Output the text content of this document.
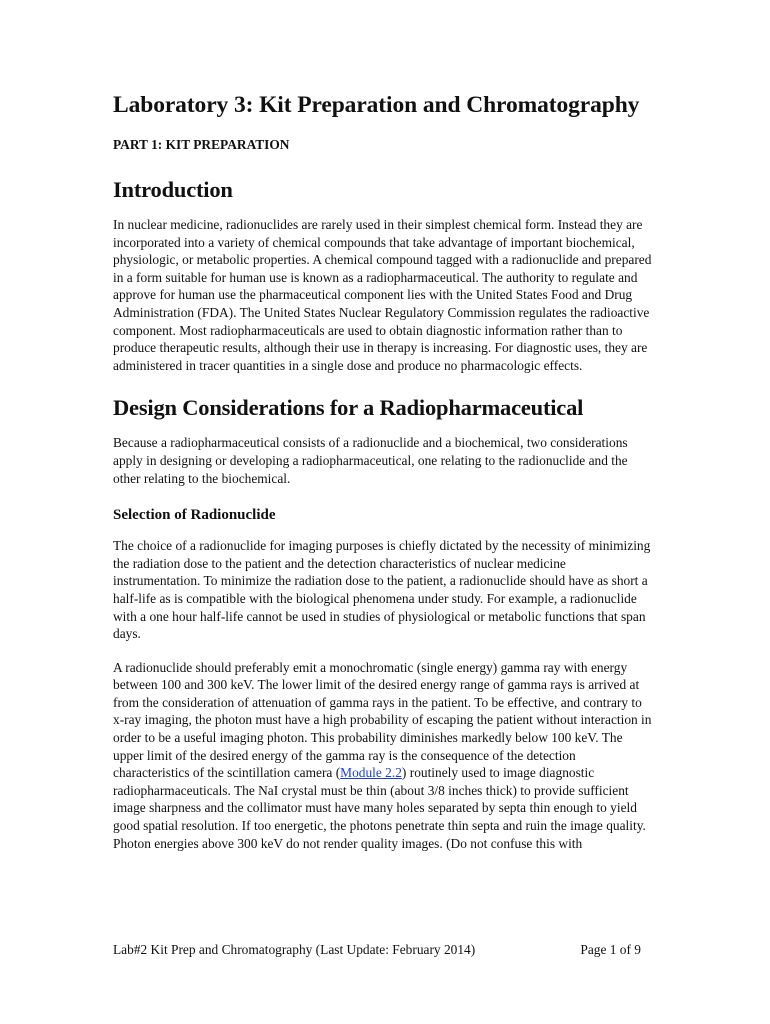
Laboratory 3: Kit Preparation and Chromatography
PART 1: KIT PREPARATION
Introduction

In nuclear medicine, radionuclides are rarely used in their simplest chemical form. Instead they are incorporated into a variety of chemical compounds that take advantage of important biochemical, physiologic, or metabolic properties. A chemical compound tagged with a radionuclide and prepared in a form suitable for human use is known as a radiopharmaceutical. The authority to regulate and approve for human use the pharmaceutical component lies with the United States Food and Drug Administration (FDA). The United States Nuclear Regulatory Commission regulates the radioactive component. Most radiopharmaceuticals are used to obtain diagnostic information rather than to produce therapeutic results, although their use in therapy is increasing. For diagnostic uses, they are administered in tracer quantities in a single dose and produce no pharmacologic effects.

Design Considerations for a Radiopharmaceutical

Because a radiopharmaceutical consists of a radionuclide and a biochemical, two considerations apply in designing or developing a radiopharmaceutical, one relating to the radionuclide and the other relating to the biochemical.

Selection of Radionuclide

The choice of a radionuclide for imaging purposes is chiefly dictated by the necessity of minimizing the radiation dose to the patient and the detection characteristics of nuclear medicine instrumentation. To minimize the radiation dose to the patient, a radionuclide should have as short a half-life as is compatible with the biological phenomena under study. For example, a radionuclide with a one hour half-life cannot be used in studies of physiological or metabolic functions that span days.

A radionuclide should preferably emit a monochromatic (single energy) gamma ray with energy between 100 and 300 keV. The lower limit of the desired energy range of gamma rays is arrived at from the consideration of attenuation of gamma rays in the patient. To be effective, and contrary to x-ray imaging, the photon must have a high probability of escaping the patient without interaction in order to be a useful imaging photon. This probability diminishes markedly below 100 keV. The upper limit of the desired energy of the gamma ray is the consequence of the detection characteristics of the scintillation camera (Module 2.2) routinely used to image diagnostic radiopharmaceuticals. The NaI crystal must be thin (about 3/8 inches thick) to provide sufficient image sharpness and the collimator must have many holes separated by septa thin enough to yield good spatial resolution. If too energetic, the photons penetrate thin septa and ruin the image quality. Photon energies above 300 keV do not render quality images. (Do not confuse this with

Lab#2 Kit Prep and Chromatography (Last Update: February 2014)	Page 1 of 9
